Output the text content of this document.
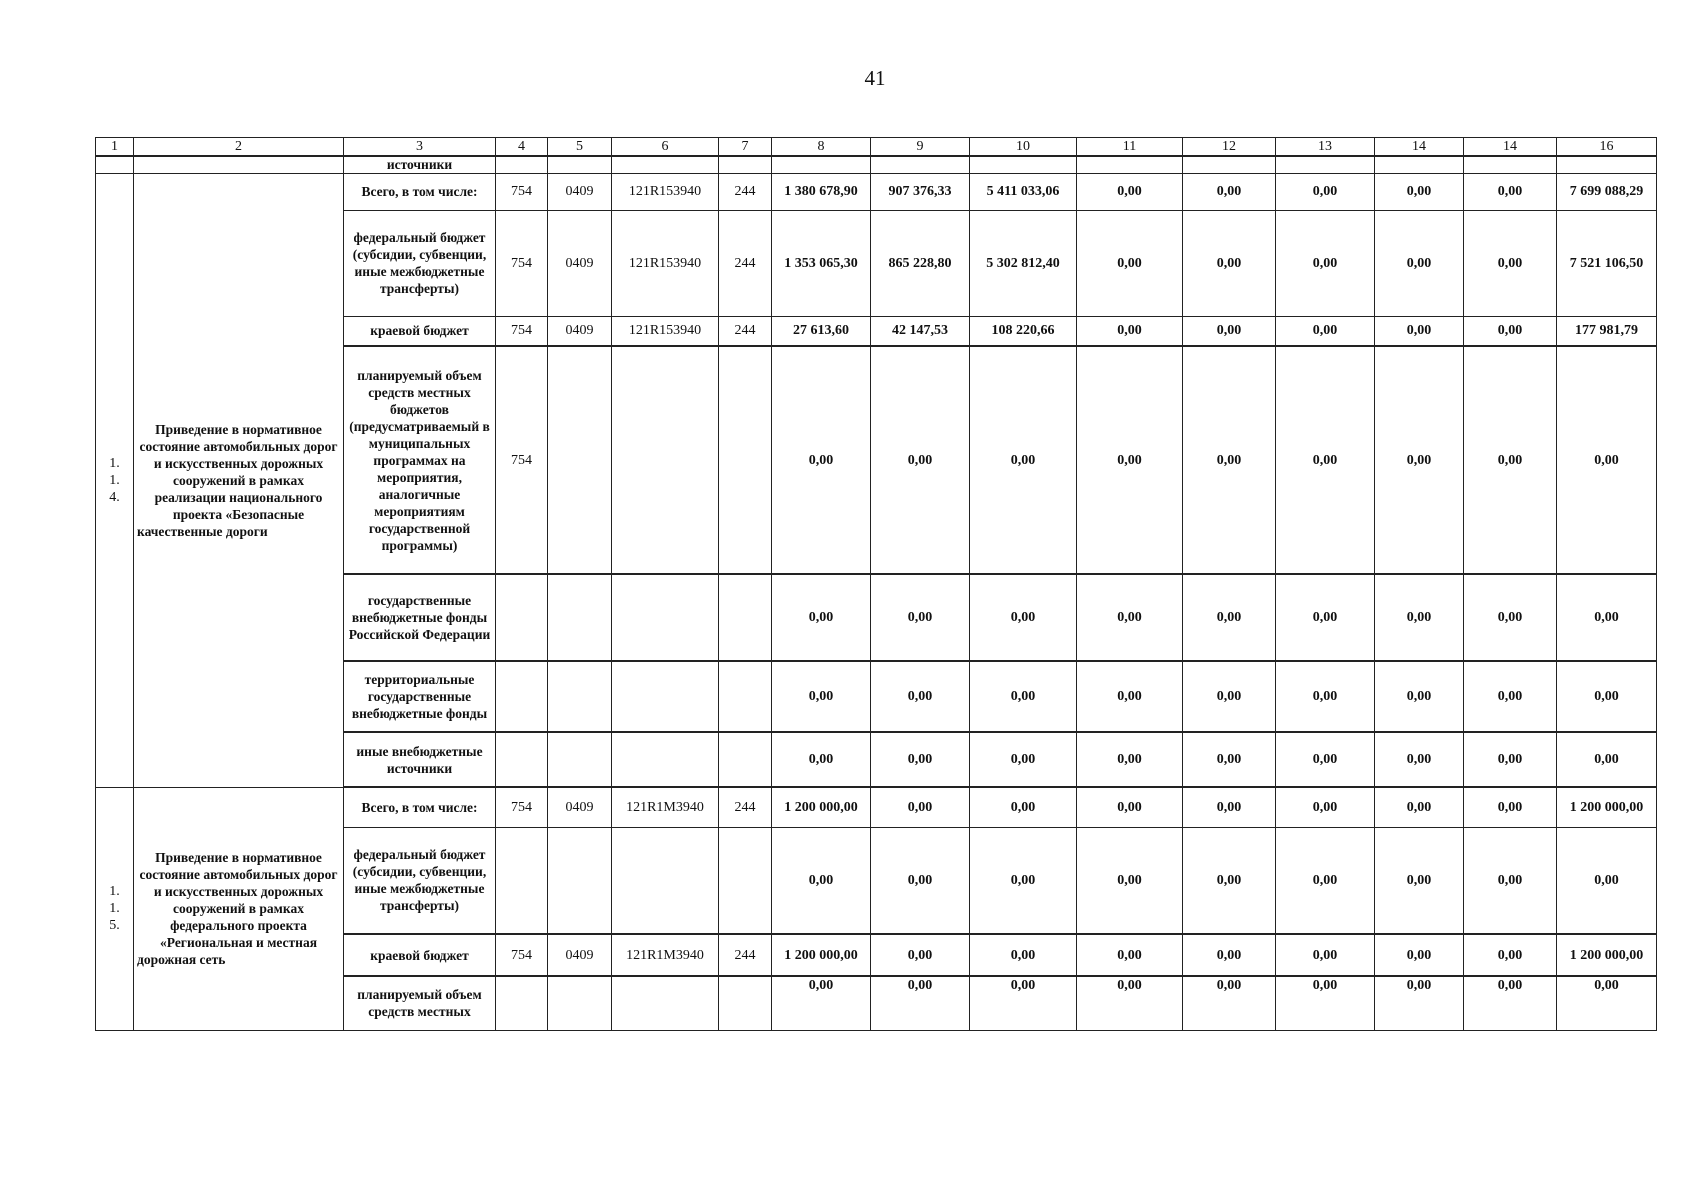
41
1	2	3	4	5	6	7	8	9	10	11	12	13	14	14	16
		источники													

1.
1.
4.	Приведение в нормативное состояние автомобильных дорог и искусственных дорожных сооружений в рамках реализации национального проекта «Безопасные качественные дороги	Всего, в том числе:	754	0409	121R153940	244	1 380 678,90	907 376,33	5 411 033,06	0,00	0,00	0,00	0,00	0,00	7 699 088,29
		федеральный бюджет (субсидии, субвенции, иные межбюджетные трансферты)	754	0409	121R153940	244	1 353 065,30	865 228,80	5 302 812,40	0,00	0,00	0,00	0,00	0,00	7 521 106,50
		краевой бюджет	754	0409	121R153940	244	27 613,60	42 147,53	108 220,66	0,00	0,00	0,00	0,00	0,00	177 981,79
		планируемый объем средств местных бюджетов (предусматриваемый в муниципальных программах на мероприятия, аналогичные мероприятиям государственной программы)	754				0,00	0,00	0,00	0,00	0,00	0,00	0,00	0,00	0,00
		государственные внебюджетные фонды Российской Федерации					0,00	0,00	0,00	0,00	0,00	0,00	0,00	0,00	0,00
		территориальные государственные внебюджетные фонды					0,00	0,00	0,00	0,00	0,00	0,00	0,00	0,00	0,00
		иные внебюджетные источники					0,00	0,00	0,00	0,00	0,00	0,00	0,00	0,00	0,00

1.
1.
5.	Приведение в нормативное состояние автомобильных дорог и искусственных дорожных сооружений в рамках федерального проекта «Региональная и местная дорожная сеть	Всего, в том числе:	754	0409	121R1M3940	244	1 200 000,00	0,00	0,00	0,00	0,00	0,00	0,00	0,00	1 200 000,00
		федеральный бюджет (субсидии, субвенции, иные межбюджетные трансферты)					0,00	0,00	0,00	0,00	0,00	0,00	0,00	0,00	0,00
		краевой бюджет	754	0409	121R1M3940	244	1 200 000,00	0,00	0,00	0,00	0,00	0,00	0,00	0,00	1 200 000,00
		планируемый объем средств местных					0,00	0,00	0,00	0,00	0,00	0,00	0,00	0,00	0,00
